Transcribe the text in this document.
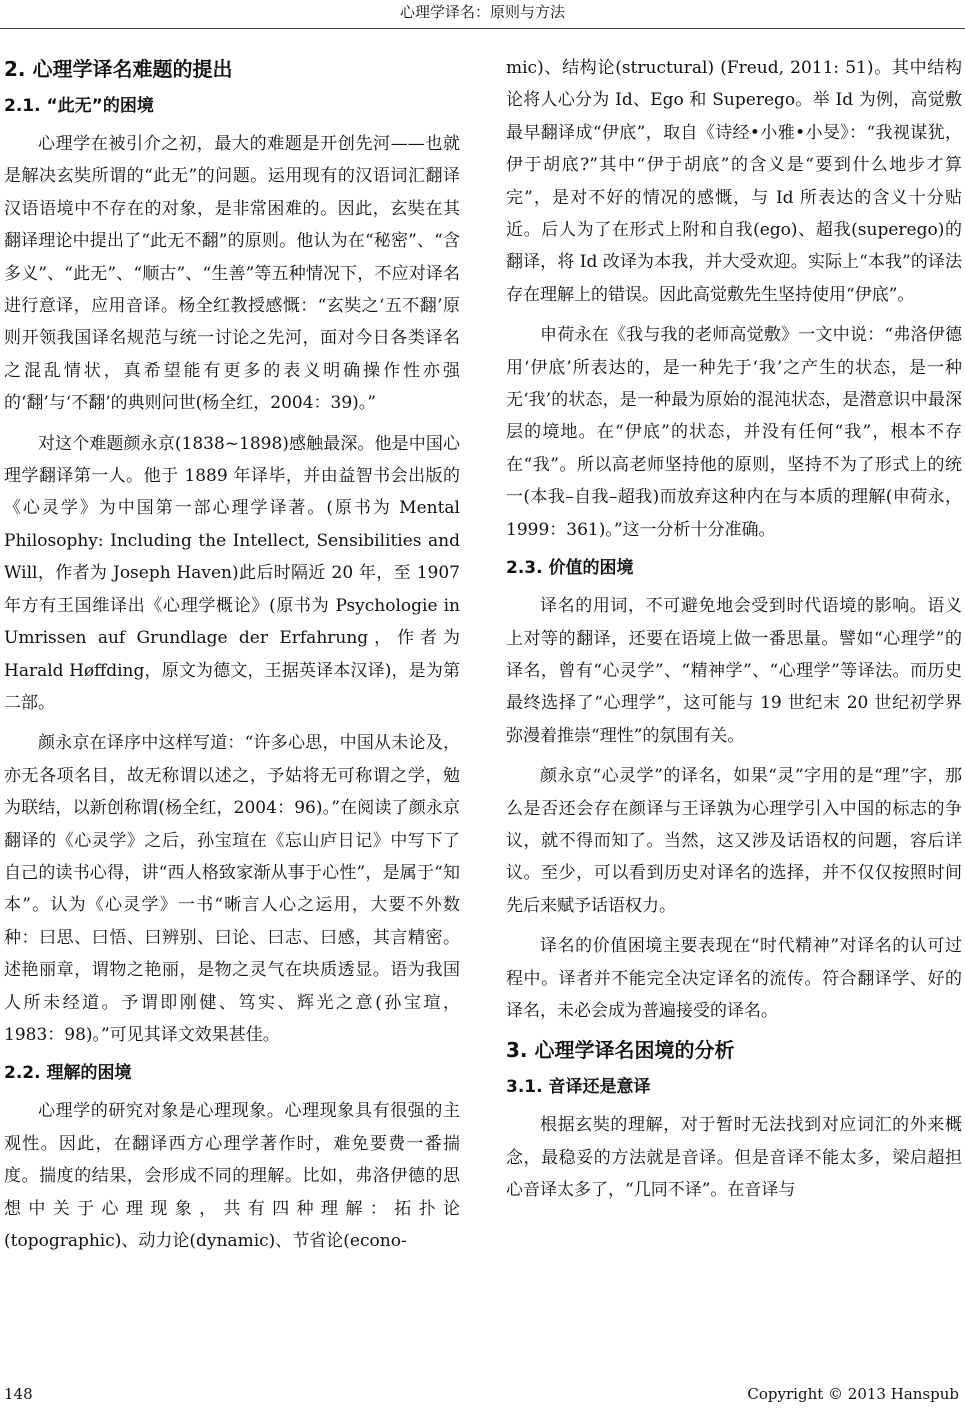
心理学译名：原则与方法
2. 心理学译名难题的提出
2.1. “此无”的困境

心理学在被引介之初，最大的难题是开创先河——也就是解决玄奘所谓的“此无”的问题。运用现有的汉语词汇翻译汉语语境中不存在的对象，是非常困难的。因此，玄奘在其翻译理论中提出了“此无不翻”的原则。他认为在“秘密”、“含多义”、“此无”、“顺古”、“生善”等五种情况下，不应对译名进行意译，应用音译。杨全红教授感慨：“玄奘之‘五不翻’原则开领我国译名规范与统一讨论之先河，面对今日各类译名之混乱情状，真希望能有更多的表义明确操作性亦强的‘翻’与‘不翻’的典则问世(杨全红，2004：39)。”

对这个难题颜永京(1838~1898)感触最深。他是中国心理学翻译第一人。他于 1889 年译毕，并由益智书会出版的《心灵学》为中国第一部心理学译著。(原书为 Mental Philosophy: Including the Intellect, Sensibilities and Will，作者为 Joseph Haven)此后时隔近 20 年，至 1907 年方有王国维译出《心理学概论》(原书为 Psychologie in Umrissen auf Grundlage der Erfahrung，作者为 Harald Høffding，原文为德文，王据英译本汉译)，是为第二部。

颜永京在译序中这样写道：“许多心思，中国从未论及，亦无各项名目，故无称谓以述之，予姑将无可称谓之学，勉为联结，以新创称谓(杨全红，2004：96)。”在阅读了颜永京翻译的《心灵学》之后，孙宝瑄在《忘山庐日记》中写下了自己的读书心得，讲“西人格致家渐从事于心性”，是属于“知本”。认为《心灵学》一书“晰言人心之运用，大要不外数种：曰思、曰悟、曰辨别、曰论、曰志、曰感，其言精密。述艳丽章，谓物之艳丽，是物之灵气在块质透显。语为我国人所未经道。予谓即刚健、笃实、辉光之意(孙宝瑄，1983：98)。”可见其译文效果甚佳。

2.2. 理解的困境

心理学的研究对象是心理现象。心理现象具有很强的主观性。因此，在翻译西方心理学著作时，难免要费一番揣度。揣度的结果，会形成不同的理解。比如，弗洛伊德的思想中关于心理现象，共有四种理解：拓扑论(topographic)、动力论(dynamic)、节省论(econo-

mic)、结构论(structural) (Freud, 2011: 51)。其中结构论将人心分为 Id、Ego 和 Superego。举 Id 为例，高觉敷最早翻译成“伊底”，取自《诗经•小雅•小旻》：“我视谋犹，伊于胡底?”其中“伊于胡底”的含义是“要到什么地步才算完”，是对不好的情况的感慨，与 Id 所表达的含义十分贴近。后人为了在形式上附和自我(ego)、超我(superego)的翻译，将 Id 改译为本我，并大受欢迎。实际上“本我”的译法存在理解上的错误。因此高觉敷先生坚持使用“伊底”。

申荷永在《我与我的老师高觉敷》一文中说：“弗洛伊德用‘伊底’所表达的，是一种先于‘我’之产生的状态，是一种无‘我’的状态，是一种最为原始的混沌状态，是潜意识中最深层的境地。在“伊底”的状态，并没有任何“我”，根本不存在“我”。所以高老师坚持他的原则，坚持不为了形式上的统一(本我–自我–超我)而放弃这种内在与本质的理解(申荷永，1999：361)。”这一分析十分准确。

2.3. 价值的困境

译名的用词，不可避免地会受到时代语境的影响。语义上对等的翻译，还要在语境上做一番思量。譬如“心理学”的译名，曾有“心灵学”、“精神学”、“心理学”等译法。而历史最终选择了“心理学”，这可能与 19 世纪末 20 世纪初学界弥漫着推崇“理性”的氛围有关。

颜永京“心灵学”的译名，如果“灵”字用的是“理”字，那么是否还会存在颜译与王译孰为心理学引入中国的标志的争议，就不得而知了。当然，这又涉及话语权的问题，容后详议。至少，可以看到历史对译名的选择，并不仅仅按照时间先后来赋予话语权力。

译名的价值困境主要表现在“时代精神”对译名的认可过程中。译者并不能完全决定译名的流传。符合翻译学、好的译名，未必会成为普遍接受的译名。

3. 心理学译名困境的分析
3.1. 音译还是意译

根据玄奘的理解，对于暂时无法找到对应词汇的外来概念，最稳妥的方法就是音译。但是音译不能太多，梁启超担心音译太多了，“几同不译”。在音译与

148	Copyright © 2013 Hanspub
